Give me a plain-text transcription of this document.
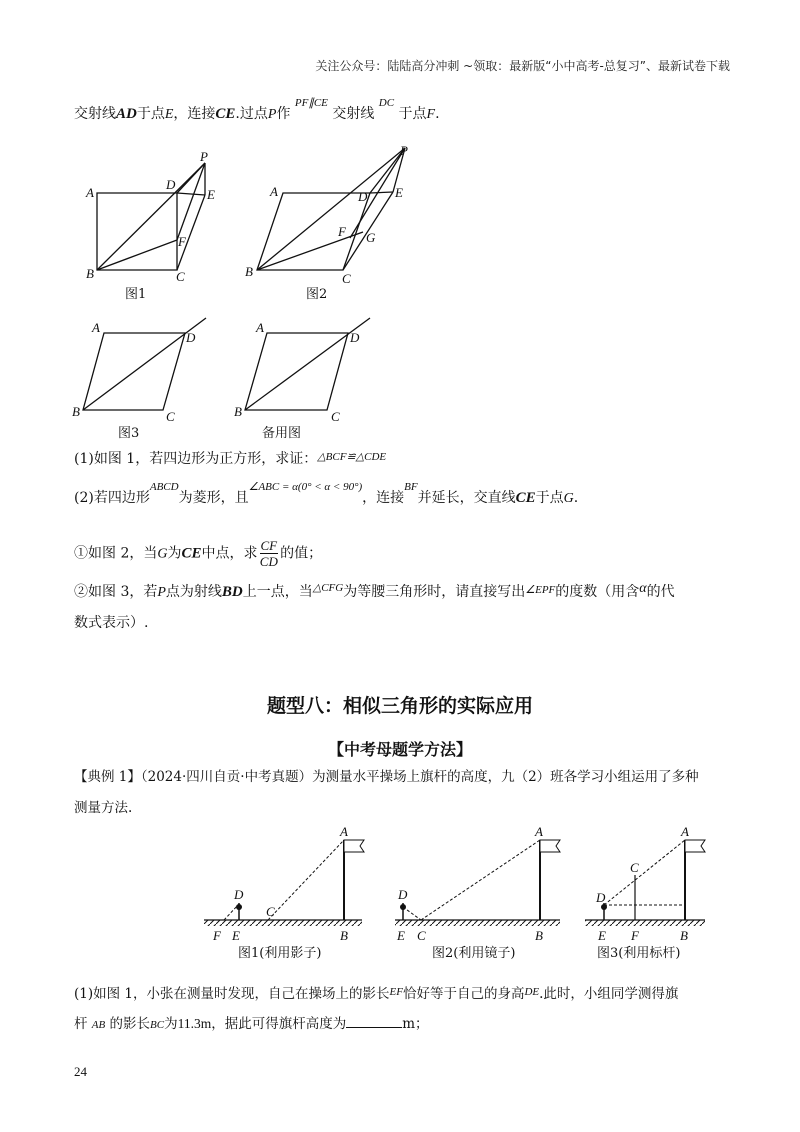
关注公众号：陆陆高分冲刺 ~领取：最新版“小中高考-总复习”、最新试卷下载
交射线AD于点E，连接CE.过点P作 $^{PF\parallel CE}$ 交射线 $^{DC}$ 于点F.
A
D
P
E
F
B	C
图1
A	D
P
E
F G
B	C
图2
A
D
B	C
图3
A
D
B	C
备用图
(1)如图 1，若四边形为正方形，求证：$^{\triangle BCF≌\triangle CDE}$
(2)若四边形$^{ABCD}$为菱形，且$^{\angle ABC = \alpha(0^\circ < \alpha < 90^\circ)}$，连接$^{BF}$并延长，交直线CE于点G.
①如图 2，当G为CE中点，求 $\frac{CF}{CD}$ 的值；
②如图 3，若P点为射线BD上一点，当$^{\triangle CFG}$为等腰三角形时，请直接写出$^{\angle EPF}$的度数（用含α的代
数式表示）.
题型八：相似三角形的实际应用
【中考母题学方法】
【典例 1】（2024·四川自贡·中考真题）为测量水平操场上旗杆的高度，九（2）班各学习小组运用了多种
测量方法.
A
D
C
F E	B
图1(利用影子)
A
D
E C	B
图2(利用镜子)
A
C
D
E F	B
图3(利用标杆)
(1)如图 1，小张在测量时发现，自己在操场上的影长$^{EF}$恰好等于自己的身高$^{DE}$.此时，小组同学测得旗
杆 AB 的影长BC为11.3m，据此可得旗杆高度为	m；
24
